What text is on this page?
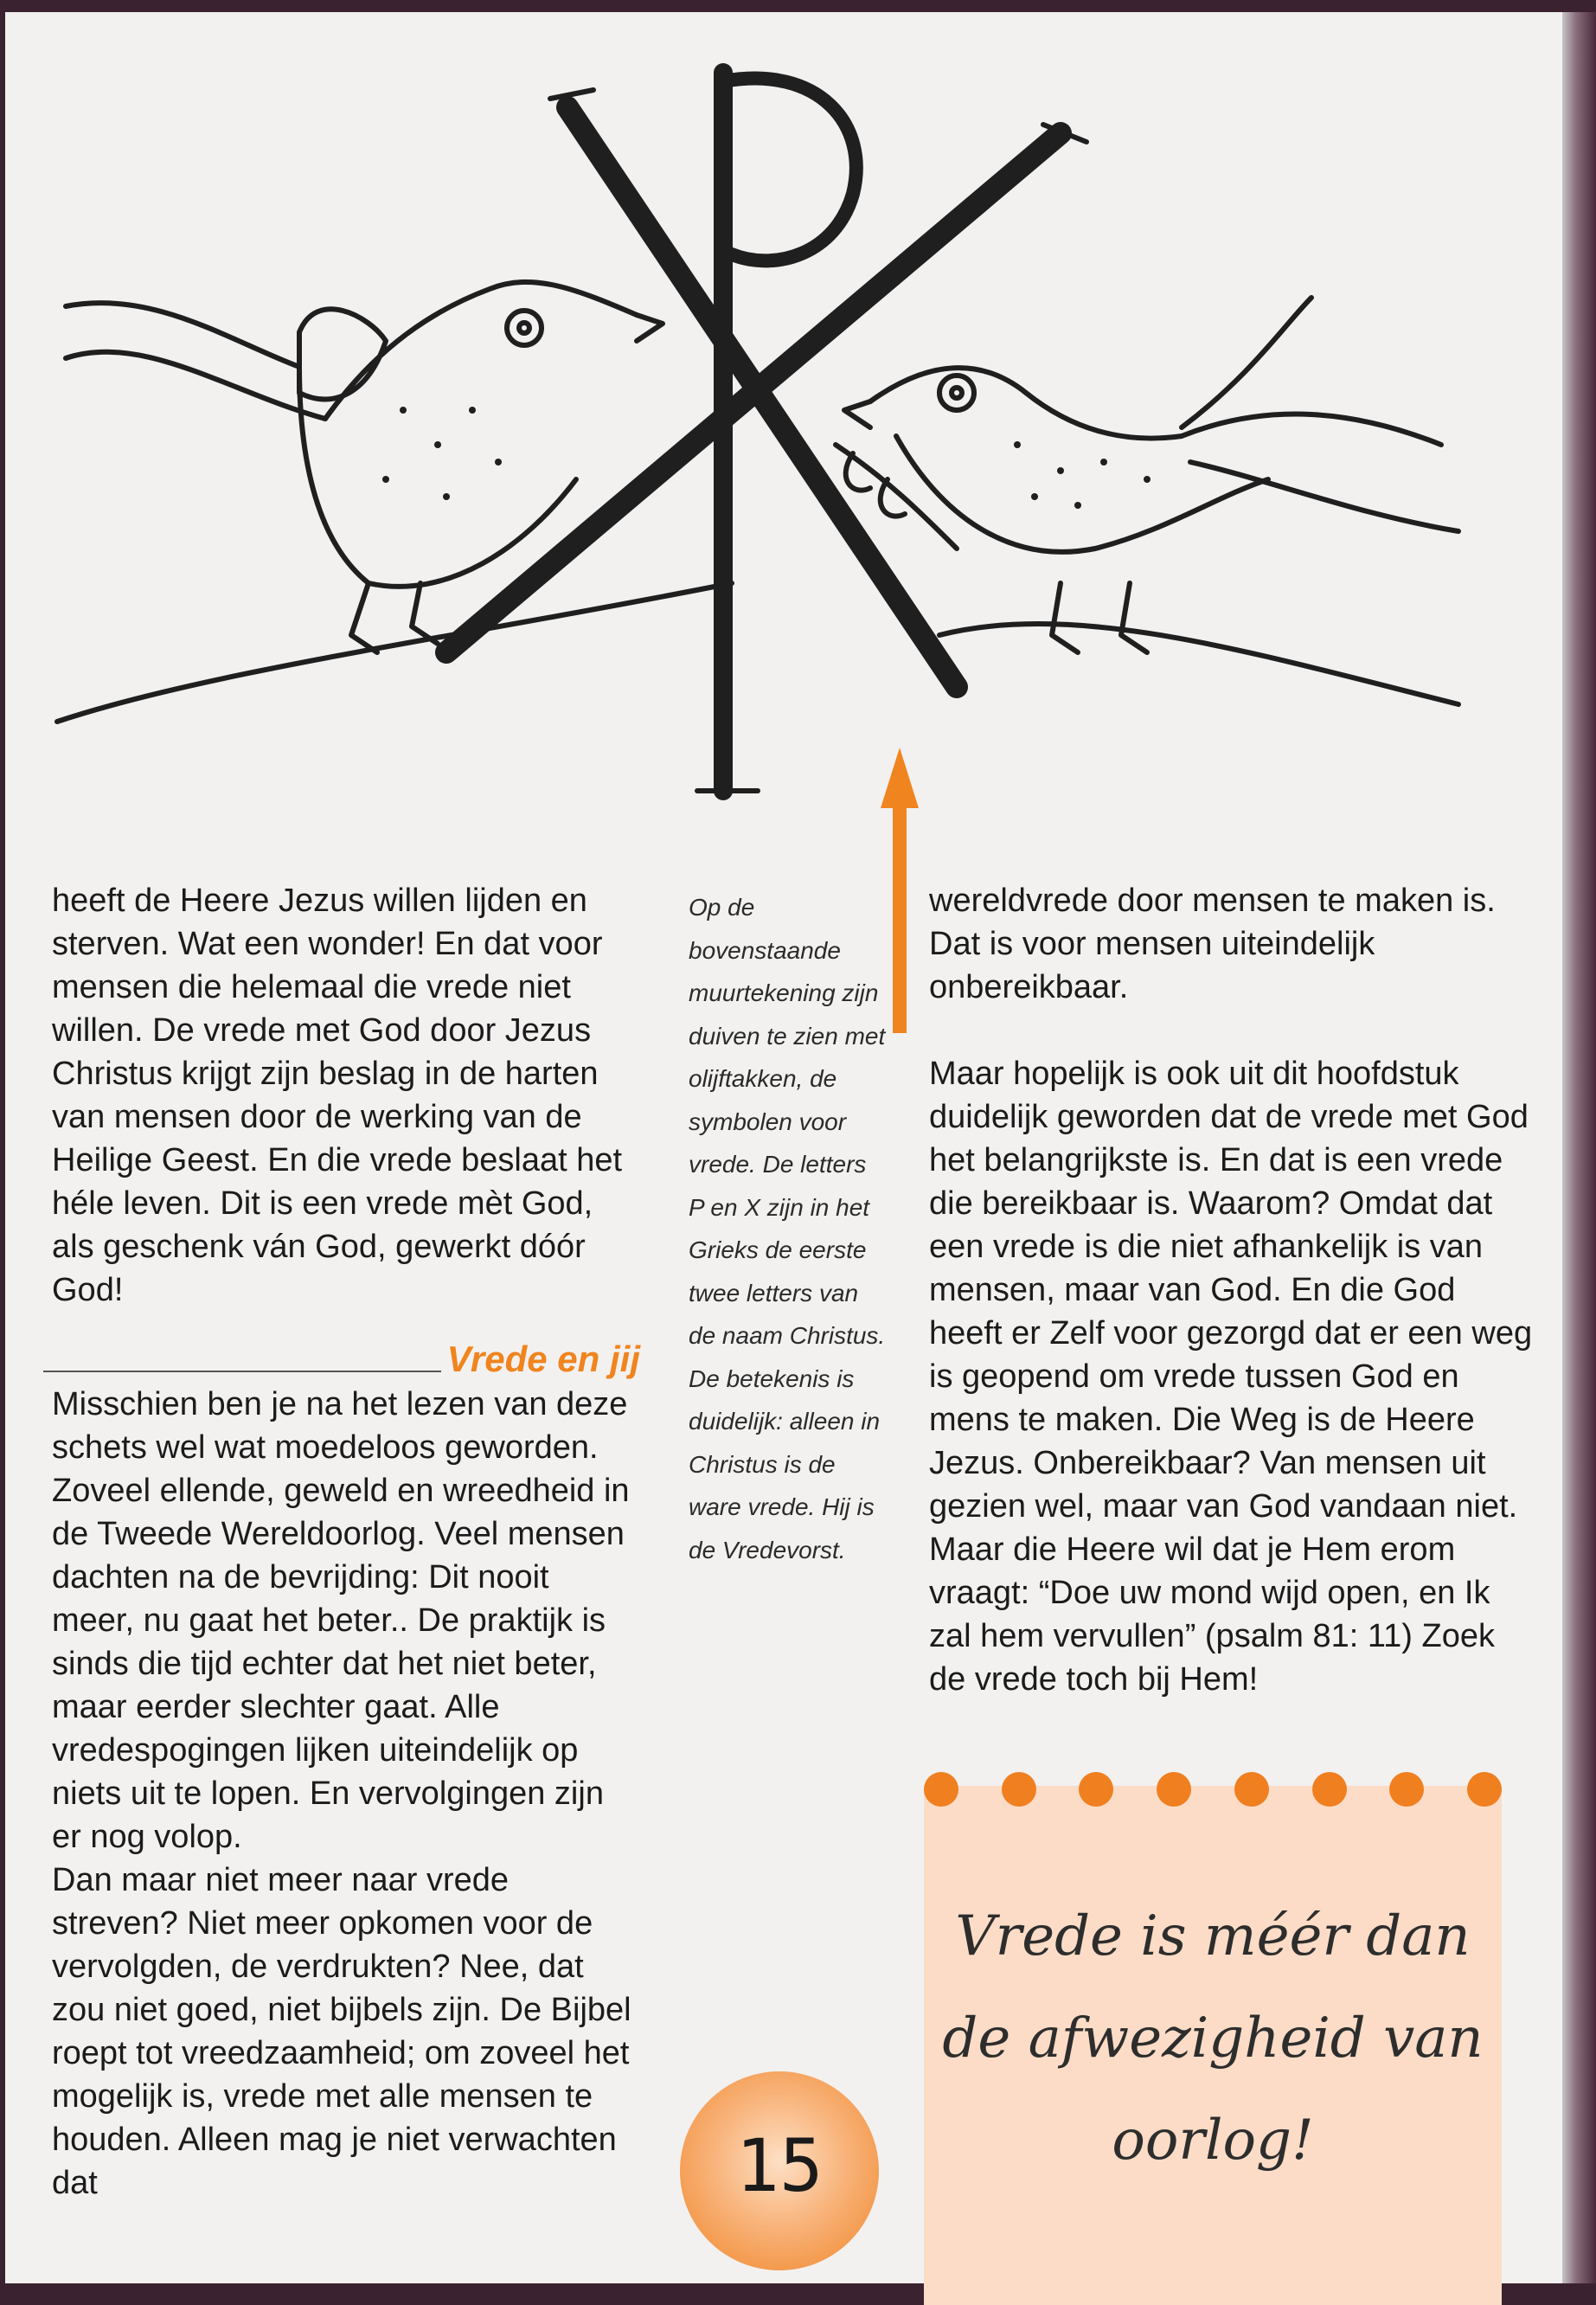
heeft de Heere Jezus willen lijden en sterven. Wat een wonder! En dat voor mensen die helemaal die vrede niet willen. De vrede met God door Jezus Christus krijgt zijn beslag in de harten van mensen door de werking van de Heilige Geest. En die vrede beslaat het héle leven. Dit is een vrede mèt God, als geschenk ván God, gewerkt dóór God!

Vrede en jij

Misschien ben je na het lezen van deze schets wel wat moedeloos geworden. Zoveel ellende, geweld en wreedheid in de Tweede Wereldoorlog. Veel mensen dachten na de bevrijding: Dit nooit meer, nu gaat het beter.. De praktijk is sinds die tijd echter dat het niet beter, maar eerder slechter gaat. Alle vredespogingen lijken uiteindelijk op niets uit te lopen. En vervolgingen zijn er nog volop.

Dan maar niet meer naar vrede streven? Niet meer opkomen voor de vervolgden, de verdrukten? Nee, dat zou niet goed, niet bijbels zijn. De Bijbel roept tot vreedzaamheid; om zoveel het mogelijk is, vrede met alle mensen te houden. Alleen mag je niet verwachten dat

Op de bovenstaande muurtekening zijn duiven te zien met olijftakken, de symbolen voor vrede. De letters P en X zijn in het Grieks de eerste twee letters van de naam Christus. De betekenis is duidelijk: alleen in Christus is de ware vrede. Hij is de Vredevorst.

wereldvrede door mensen te maken is. Dat is voor mensen uiteindelijk onbereikbaar.

Maar hopelijk is ook uit dit hoofdstuk duidelijk geworden dat de vrede met God het belangrijkste is. En dat is een vrede die bereikbaar is. Waarom? Omdat dat een vrede is die niet afhankelijk is van mensen, maar van God. En die God heeft er Zelf voor gezorgd dat er een weg is geopend om vrede tussen God en mens te maken. Die Weg is de Heere Jezus. Onbereikbaar? Van mensen uit gezien wel, maar van God vandaan niet. Maar die Heere wil dat je Hem erom vraagt: “Doe uw mond wijd open, en Ik zal hem vervullen” (psalm 81: 11) Zoek de vrede toch bij Hem!

Vrede is méér dan
de afwezigheid van
oorlog!
15
